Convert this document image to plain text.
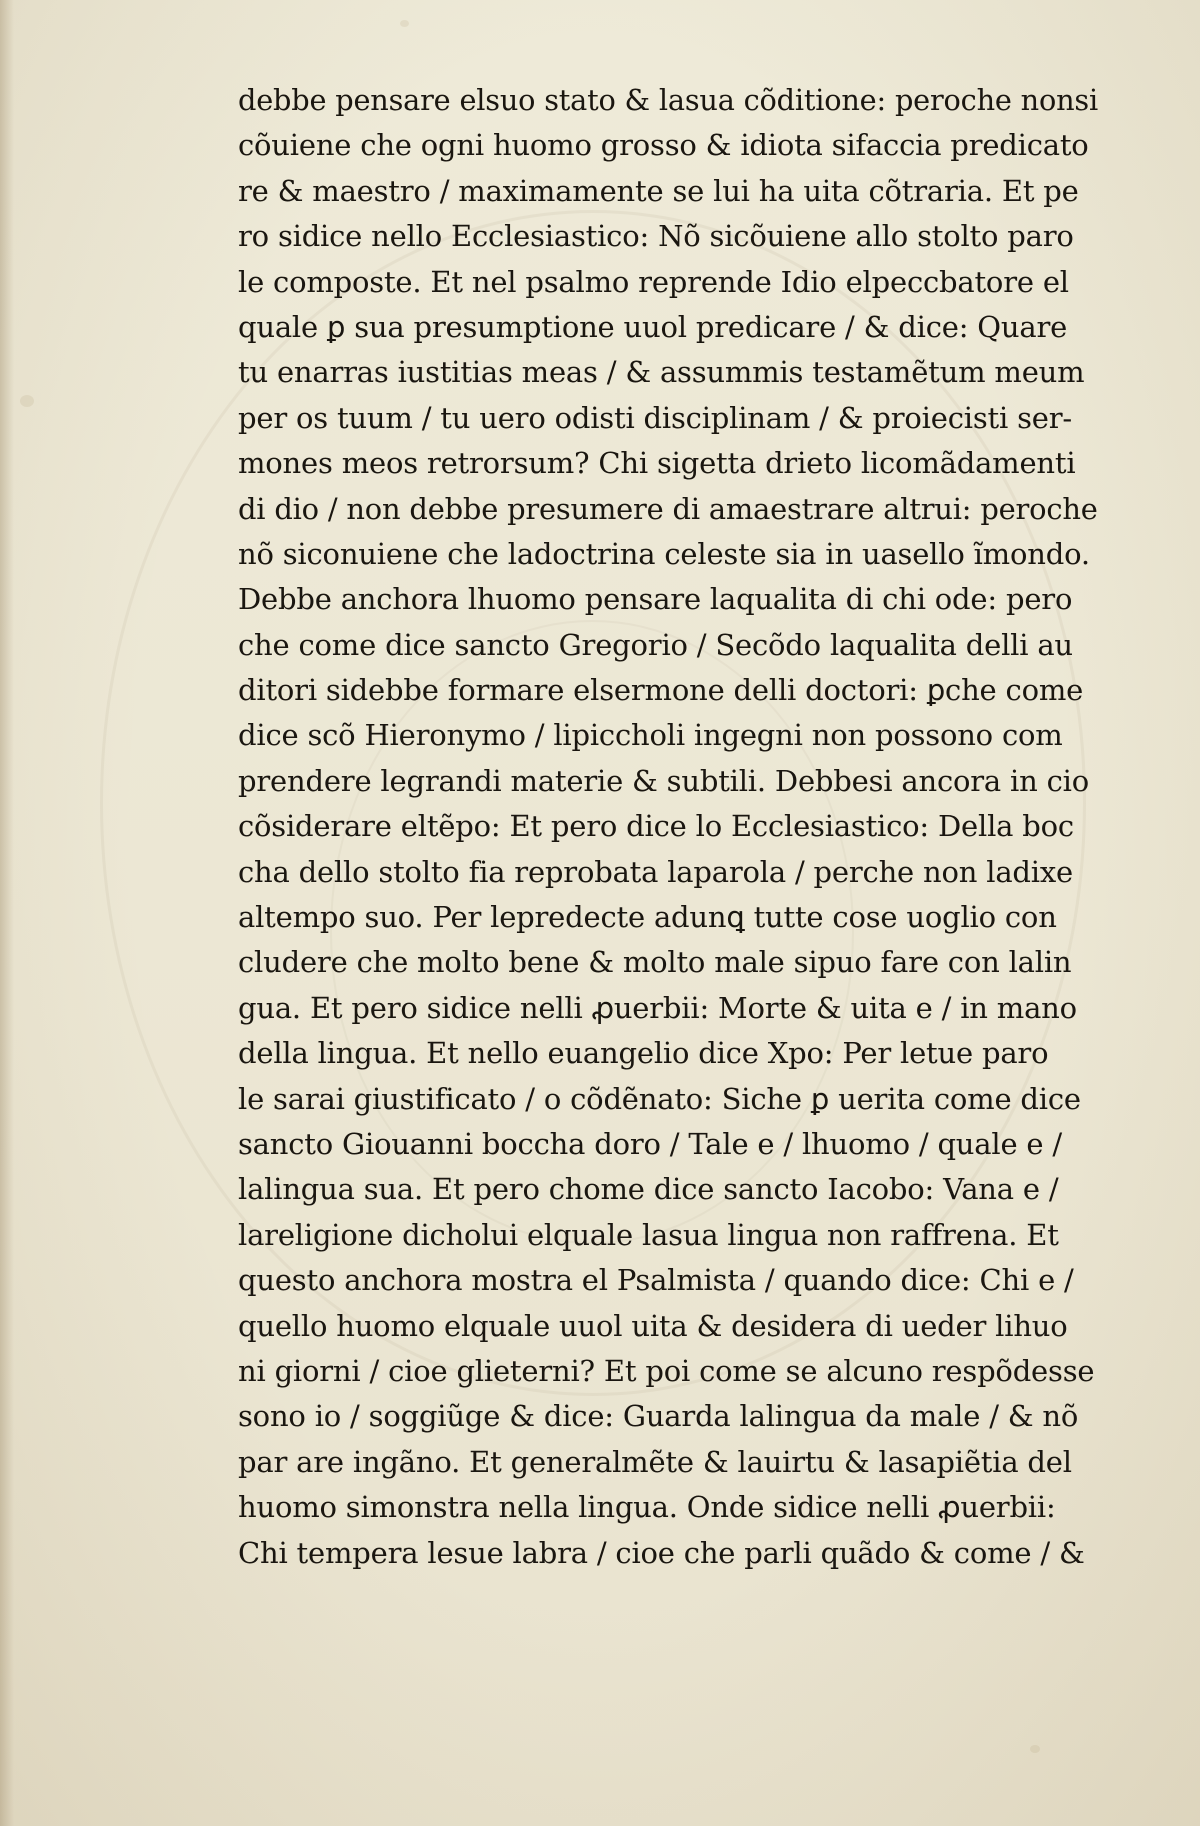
debbe pensare elsuo stato & lasua cõditione: peroche nonsi
cõuiene che ogni huomo grosso & idiota sifaccia predicato
re & maestro / maximamente se lui ha uita cõtraria. Et pe
ro sidice nello Ecclesiastico: Nõ sicõuiene allo stolto paro
le composte. Et nel psalmo reprende Idio elpeccbatore el
quale ꝑ sua presumptione uuol predicare / & dice: Quare
tu enarras iustitias meas / & assummis testamẽtum meum
per os tuum / tu uero odisti disciplinam / & proiecisti ser-
mones meos retrorsum? Chi sigetta drieto licomãdamenti
di dio / non debbe presumere di amaestrare altrui: peroche
nõ siconuiene che ladoctrina celeste sia in uasello ĩmondo.
Debbe anchora lhuomo pensare laqualita di chi ode: pero
che come dice sancto Gregorio / Secõdo laqualita delli au
ditori sidebbe formare elsermone delli doctori: ꝑche come
dice scõ Hieronymo / lipiccholi ingegni non possono com
prendere legrandi materie & subtili. Debbesi ancora in cio
cõsiderare eltẽpo: Et pero dice lo Ecclesiastico: Della boc
cha dello stolto fia reprobata laparola / perche non ladixe
altempo suo. Per lepredecte adunꝗ tutte cose uoglio con
cludere che molto bene & molto male sipuo fare con lalin
gua. Et pero sidice nelli ꝓuerbii: Morte & uita e / in mano
della lingua. Et nello euangelio dice Xpo: Per letue paro
le sarai giustificato / o cõdẽnato: Siche ꝑ uerita come dice
sancto Giouanni boccha doro / Tale e / lhuomo / quale e /
lalingua sua. Et pero chome dice sancto Iacobo: Vana e /
lareligione dicholui elquale lasua lingua non raffrena. Et
questo anchora mostra el Psalmista / quando dice: Chi e /
quello huomo elquale uuol uita & desidera di ueder lihuo
ni giorni / cioe glieterni? Et poi come se alcuno respõdesse
sono io / soggiũge & dice: Guarda lalingua da male / & nõ
par are ingãno. Et generalmẽte & lauirtu & lasapiẽtia del
huomo simonstra nella lingua. Onde sidice nelli ꝓuerbii:
Chi tempera lesue labra / cioe che parli quãdo & come / &
